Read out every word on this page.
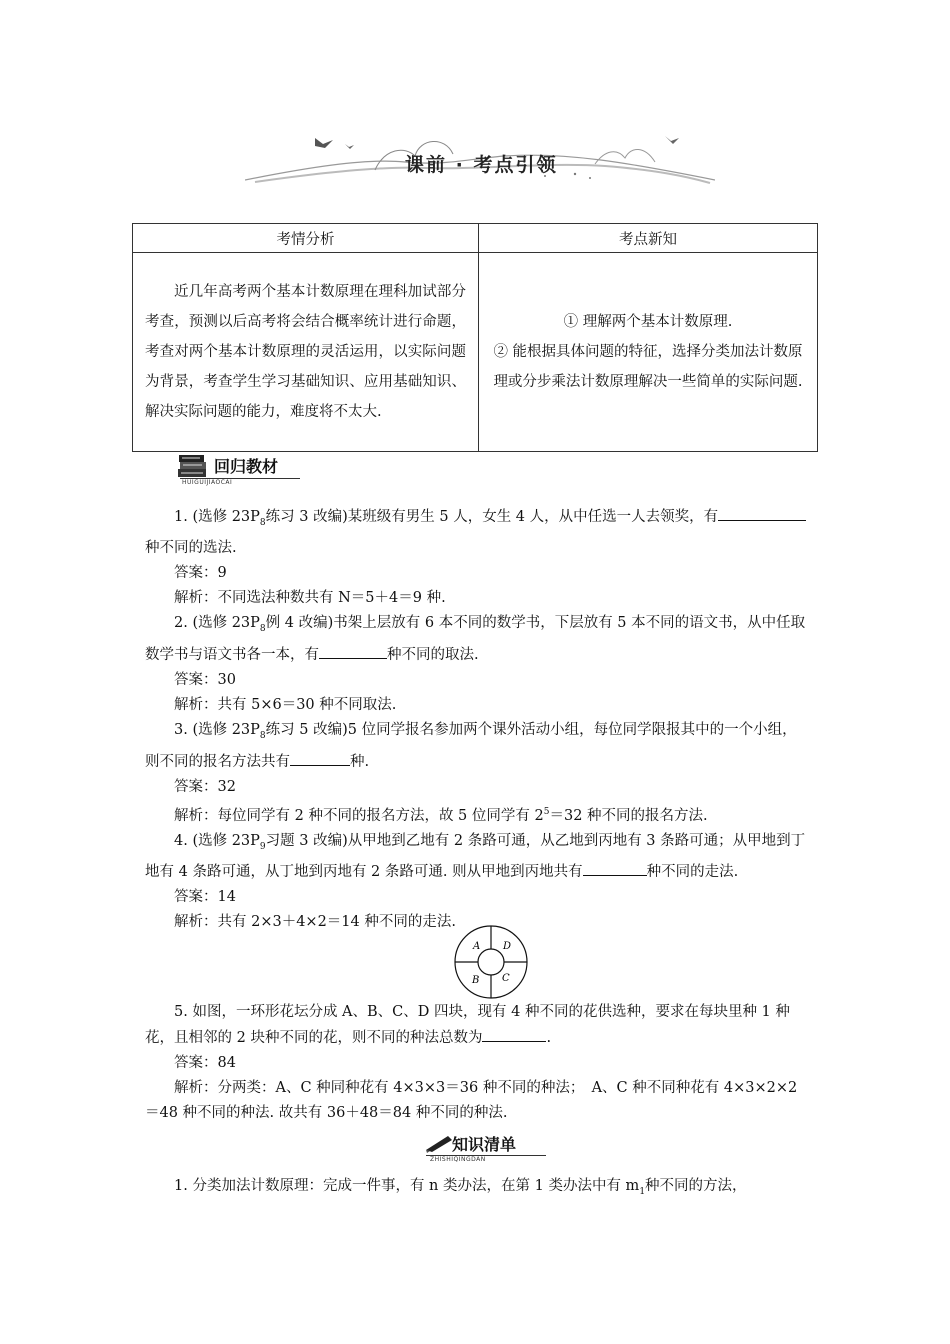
课前 · 考点引领
考情分析	考点新知

近几年高考两个基本计数原理在理科加试部分考查，预测以后高考将会结合概率统计进行命题，考查对两个基本计数原理的灵活运用，以实际问题为背景，考查学生学习基础知识、应用基础知识、解决实际问题的能力，难度将不太大.	① 理解两个基本计数原理.
② 能根据具体问题的特征，选择分类加法计数原理或分步乘法计数原理解决一些简单的实际问题.
回归教材
HUIGUIJIAOCAI

1. (选修 $23P_8$练习 3 改编)某班级有男生 5 人，女生 4 人，从中任选一人去领奖，有种不同的选法.

答案：9

解析：不同选法种数共有 N＝5＋4＝9 种.

2. (选修 $23P_8$例 4 改编)书架上层放有 6 本不同的数学书，下层放有 5 本不同的语文书，从中任取数学书与语文书各一本，有	种不同的取法.

答案：30

解析：共有 5×6＝30 种不同取法.

3. (选修 $23P_8$练习 5 改编)5 位同学报名参加两个课外活动小组，每位同学限报其中的一个小组，则不同的报名方法共有	种.

答案：32

解析：每位同学有 2 种不同的报名方法，故 5 位同学有 $2^5=32$ 种不同的报名方法.

4. (选修 $23P_9$习题 3 改编)从甲地到乙地有 2 条路可通，从乙地到丙地有 3 条路可通；从甲地到丁地有 4 条路可通，从丁地到丙地有 2 条路可通. 则从甲地到丙地共有	种不同的走法.

答案：14

解析：共有 2×3＋4×2＝14 种不同的走法.

A D
B C

5. 如图，一环形花坛分成 A、B、C、D 四块，现有 4 种不同的花供选种，要求在每块里种 1 种花，且相邻的 2 块种不同的花，则不同的种法总数为	.

答案：84

解析：分两类：A、C 种同种花有 4×3×3＝36 种不同的种法；　A、C 种不同种花有 4×3×2×2＝48 种不同的种法. 故共有 36＋48＝84 种不同的种法.

知识清单
ZHISHIQINGDAN

1. 分类加法计数原理：完成一件事，有 n 类办法，在第 1 类办法中有 $m_1$种不同的方法，
